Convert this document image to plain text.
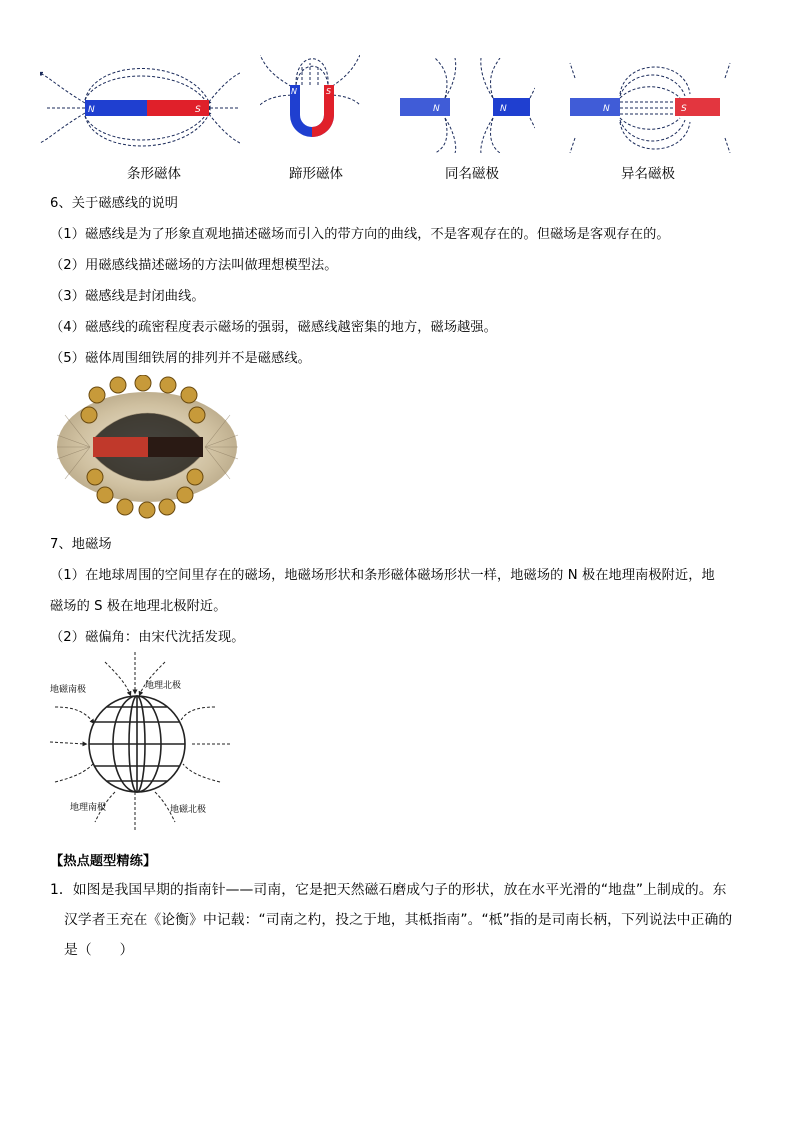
N	S
N	S
N	N	N	S
条形磁体	蹄形磁体	同名磁极	异名磁极
6、关于磁感线的说明
（1）磁感线是为了形象直观地描述磁场而引入的带方向的曲线，不是客观存在的。但磁场是客观存在的。
（2）用磁感线描述磁场的方法叫做理想模型法。
（3）磁感线是封闭曲线。
（4）磁感线的疏密程度表示磁场的强弱，磁感线越密集的地方，磁场越强。
（5）磁体周围细铁屑的排列并不是磁感线。
7、地磁场
（1）在地球周围的空间里存在的磁场，地磁场形状和条形磁体磁场形状一样，地磁场的 N 极在地理南极附近，地
磁场的 S 极在地理北极附近。
（2）磁偏角：由宋代沈括发现。
地磁南极	地理北极
地理南极	地磁北极
【热点题型精练】
1．如图是我国早期的指南针——司南，它是把天然磁石磨成勺子的形状，放在水平光滑的“地盘”上制成的。东
汉学者王充在《论衡》中记载：“司南之杓，投之于地，其柢指南”。“柢”指的是司南长柄，下列说法中正确的
是（　　）
